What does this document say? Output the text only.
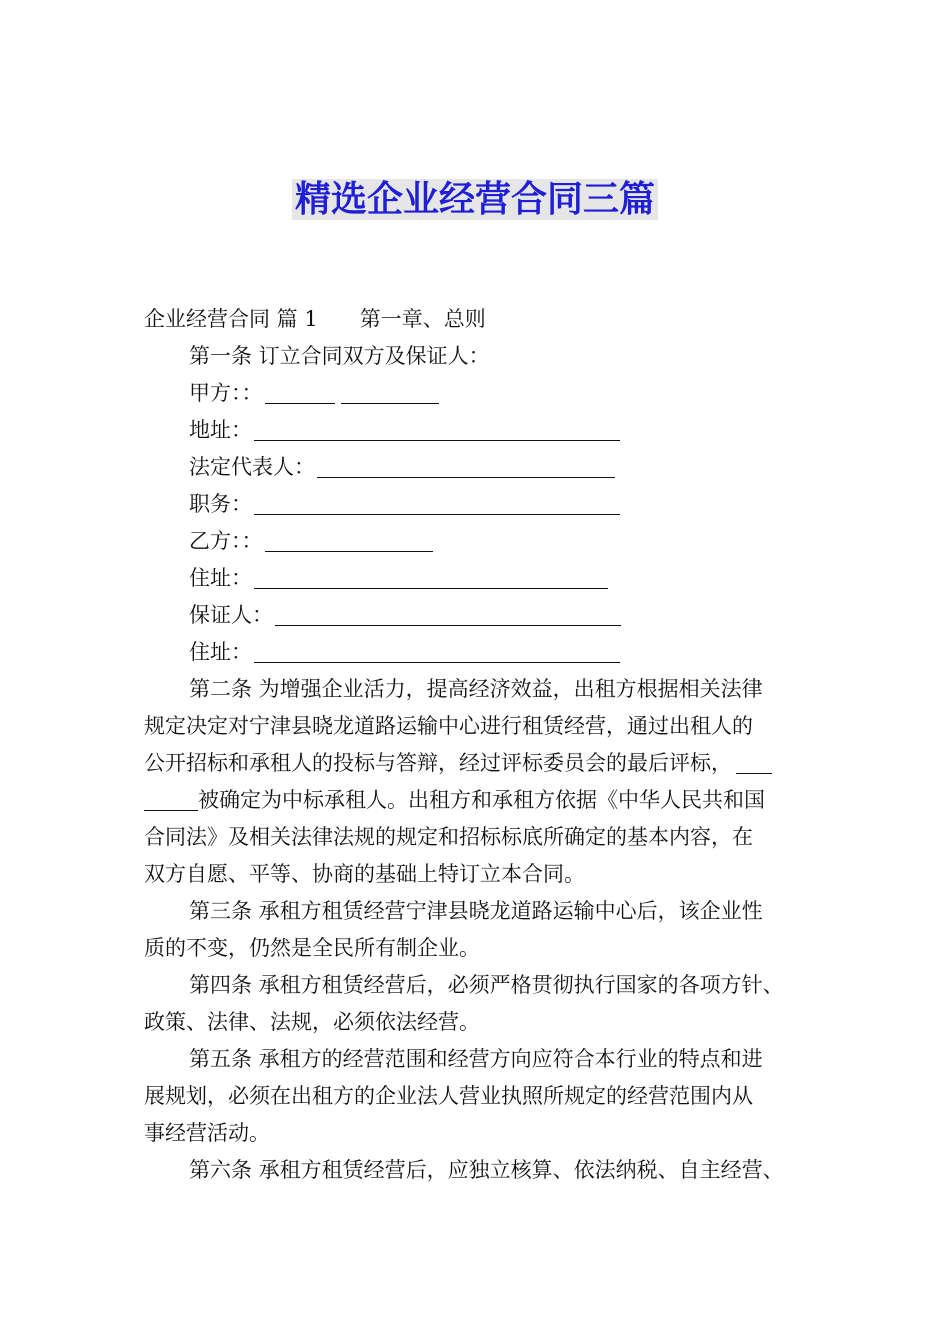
精选企业经营合同三篇
企业经营合同 篇 1 第一章、总则
第一条 订立合同双方及保证人：
甲方：：
地址：
法定代表人：
职务：
乙方：：
住址：
保证人：
住址：
第二条 为增强企业活力，提高经济效益，出租方根据相关法律
规定决定对宁津县晓龙道路运输中心进行租赁经营，通过出租人的
公开招标和承租人的投标与答辩，经过评标委员会的最后评标，
被确定为中标承租人。出租方和承租方依据《中华人民共和国
合同法》及相关法律法规的规定和招标标底所确定的基本内容，在
双方自愿、平等、协商的基础上特订立本合同。
第三条 承租方租赁经营宁津县晓龙道路运输中心后，该企业性
质的不变，仍然是全民所有制企业。
第四条 承租方租赁经营后，必须严格贯彻执行国家的各项方针、
政策、法律、法规，必须依法经营。
第五条 承租方的经营范围和经营方向应符合本行业的特点和进
展规划，必须在出租方的企业法人营业执照所规定的经营范围内从
事经营活动。
第六条 承租方租赁经营后，应独立核算、依法纳税、自主经营、
